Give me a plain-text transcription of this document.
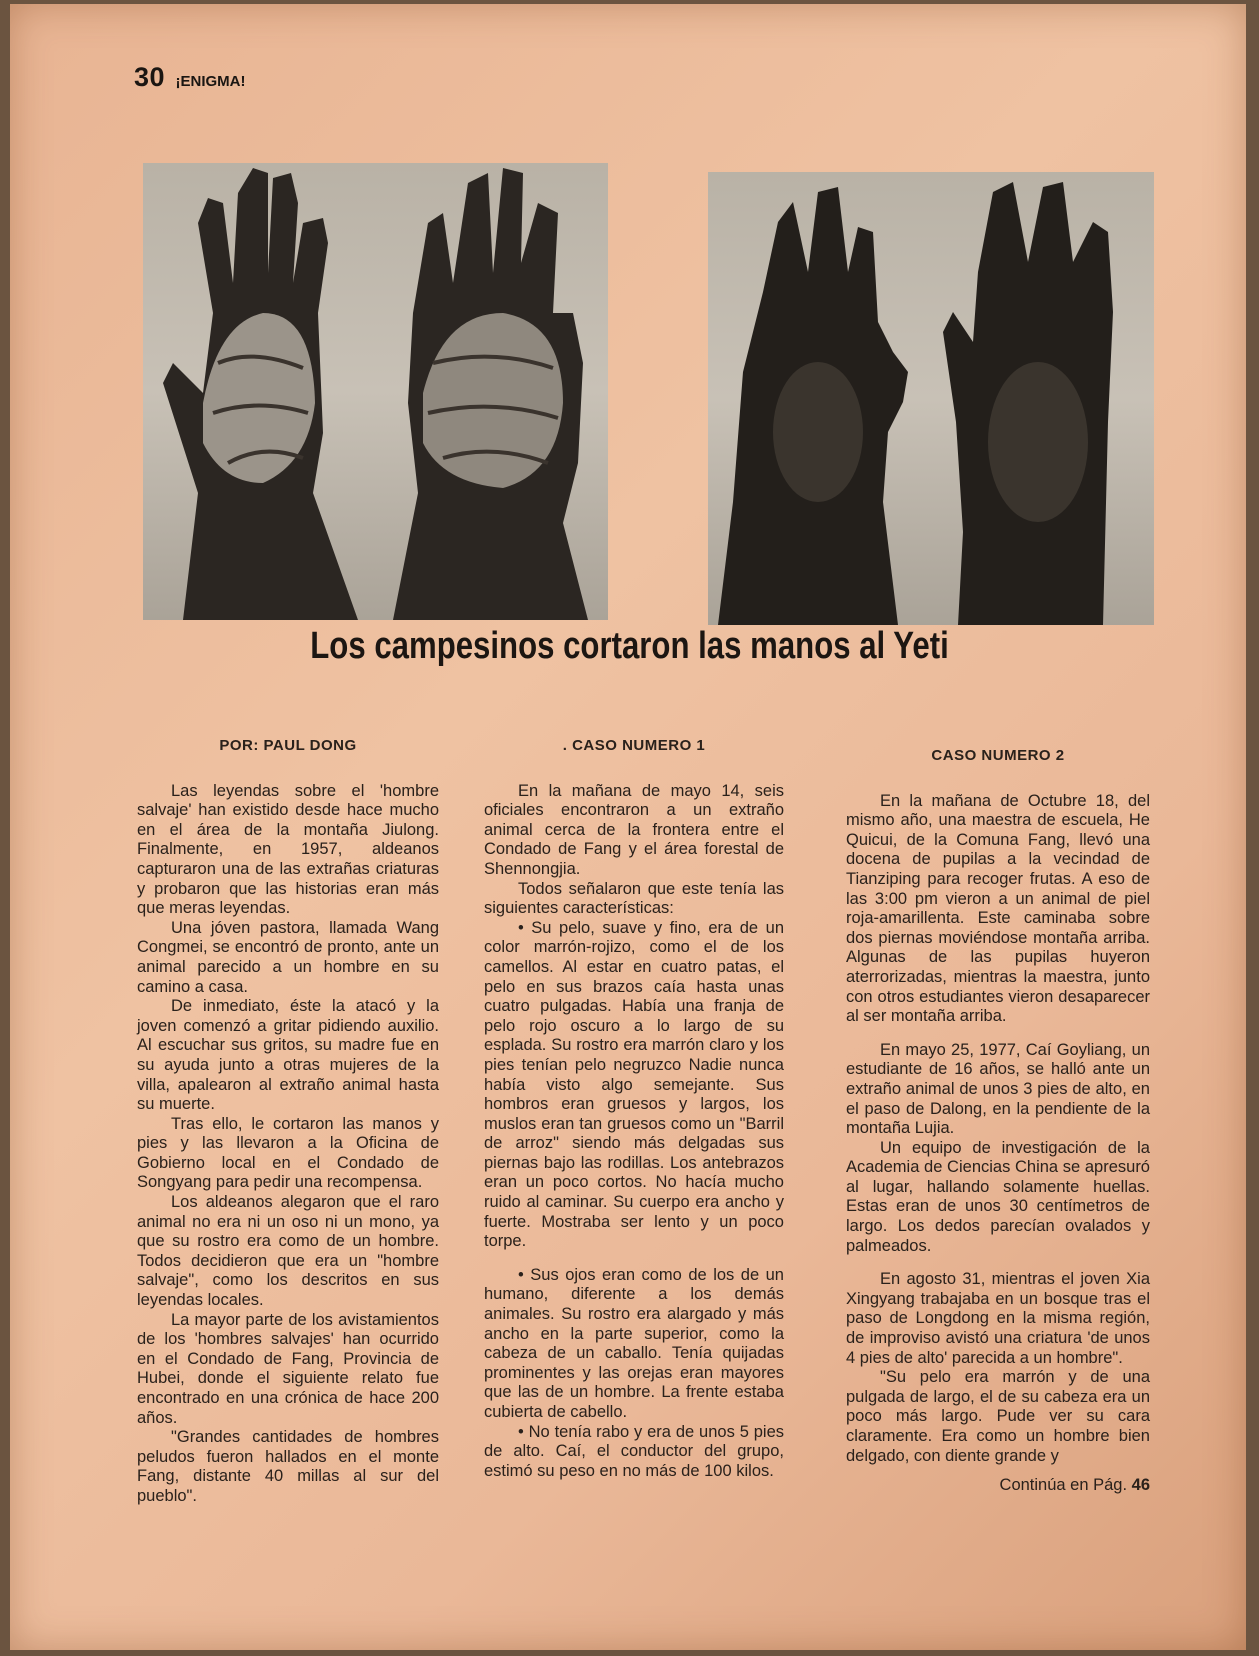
30 ¡ENIGMA!
Los campesinos cortaron las manos al Yeti

POR: PAUL DONG

Las leyendas sobre el 'hombre salvaje' han existido desde hace mucho en el área de la montaña Jiulong. Finalmente, en 1957, aldeanos capturaron una de las extrañas criaturas y probaron que las historias eran más que meras leyendas.

Una jóven pastora, llamada Wang Congmei, se encontró de pronto, ante un animal parecido a un hombre en su camino a casa.

De inmediato, éste la atacó y la joven comenzó a gritar pidiendo auxilio. Al escuchar sus gritos, su madre fue en su ayuda junto a otras mujeres de la villa, apalearon al extraño animal hasta su muerte.

Tras ello, le cortaron las manos y pies y las llevaron a la Oficina de Gobierno local en el Condado de Songyang para pedir una recompensa.

Los aldeanos alegaron que el raro animal no era ni un oso ni un mono, ya que su rostro era como de un hombre. Todos decidieron que era un "hombre salvaje", como los descritos en sus leyendas locales.

La mayor parte de los avistamientos de los 'hombres salvajes' han ocurrido en el Condado de Fang, Provincia de Hubei, donde el siguiente relato fue encontrado en una crónica de hace 200 años.

"Grandes cantidades de hombres peludos fueron hallados en el monte Fang, distante 40 millas al sur del pueblo".

. CASO NUMERO 1

En la mañana de mayo 14, seis oficiales encontraron a un extraño animal cerca de la frontera entre el Condado de Fang y el área forestal de Shennongjia.

Todos señalaron que este tenía las siguientes características:

• Su pelo, suave y fino, era de un color marrón-rojizo, como el de los camellos. Al estar en cuatro patas, el pelo en sus brazos caía hasta unas cuatro pulgadas. Había una franja de pelo rojo oscuro a lo largo de su esplada. Su rostro era marrón claro y los pies tenían pelo negruzco Nadie nunca había visto algo semejante. Sus hombros eran gruesos y largos, los muslos eran tan gruesos como un "Barril de arroz" siendo más delgadas sus piernas bajo las rodillas. Los antebrazos eran un poco cortos. No hacía mucho ruido al caminar. Su cuerpo era ancho y fuerte. Mostraba ser lento y un poco torpe.

• Sus ojos eran como de los de un humano, diferente a los demás animales. Su rostro era alargado y más ancho en la parte superior, como la cabeza de un caballo. Tenía quijadas prominentes y las orejas eran mayores que las de un hombre. La frente estaba cubierta de cabello.

• No tenía rabo y era de unos 5 pies de alto. Caí, el conductor del grupo, estimó su peso en no más de 100 kilos.

CASO NUMERO 2

En la mañana de Octubre 18, del mismo año, una maestra de escuela, He Quicui, de la Comuna Fang, llevó una docena de pupilas a la vecindad de Tianziping para recoger frutas. A eso de las 3:00 pm vieron a un animal de piel roja-amarillenta. Este caminaba sobre dos piernas moviéndose montaña arriba. Algunas de las pupilas huyeron aterrorizadas, mientras la maestra, junto con otros estudiantes vieron desaparecer al ser montaña arriba.

En mayo 25, 1977, Caí Goyliang, un estudiante de 16 años, se halló ante un extraño animal de unos 3 pies de alto, en el paso de Dalong, en la pendiente de la montaña Lujia.

Un equipo de investigación de la Academia de Ciencias China se apresuró al lugar, hallando solamente huellas. Estas eran de unos 30 centímetros de largo. Los dedos parecían ovalados y palmeados.

En agosto 31, mientras el joven Xia Xingyang trabajaba en un bosque tras el paso de Longdong en la misma región, de improviso avistó una criatura 'de unos 4 pies de alto' parecida a un hombre".

"Su pelo era marrón y de una pulgada de largo, el de su cabeza era un poco más largo. Pude ver su cara claramente. Era como un hombre bien delgado, con diente grande y

Continúa en Pág. 46
